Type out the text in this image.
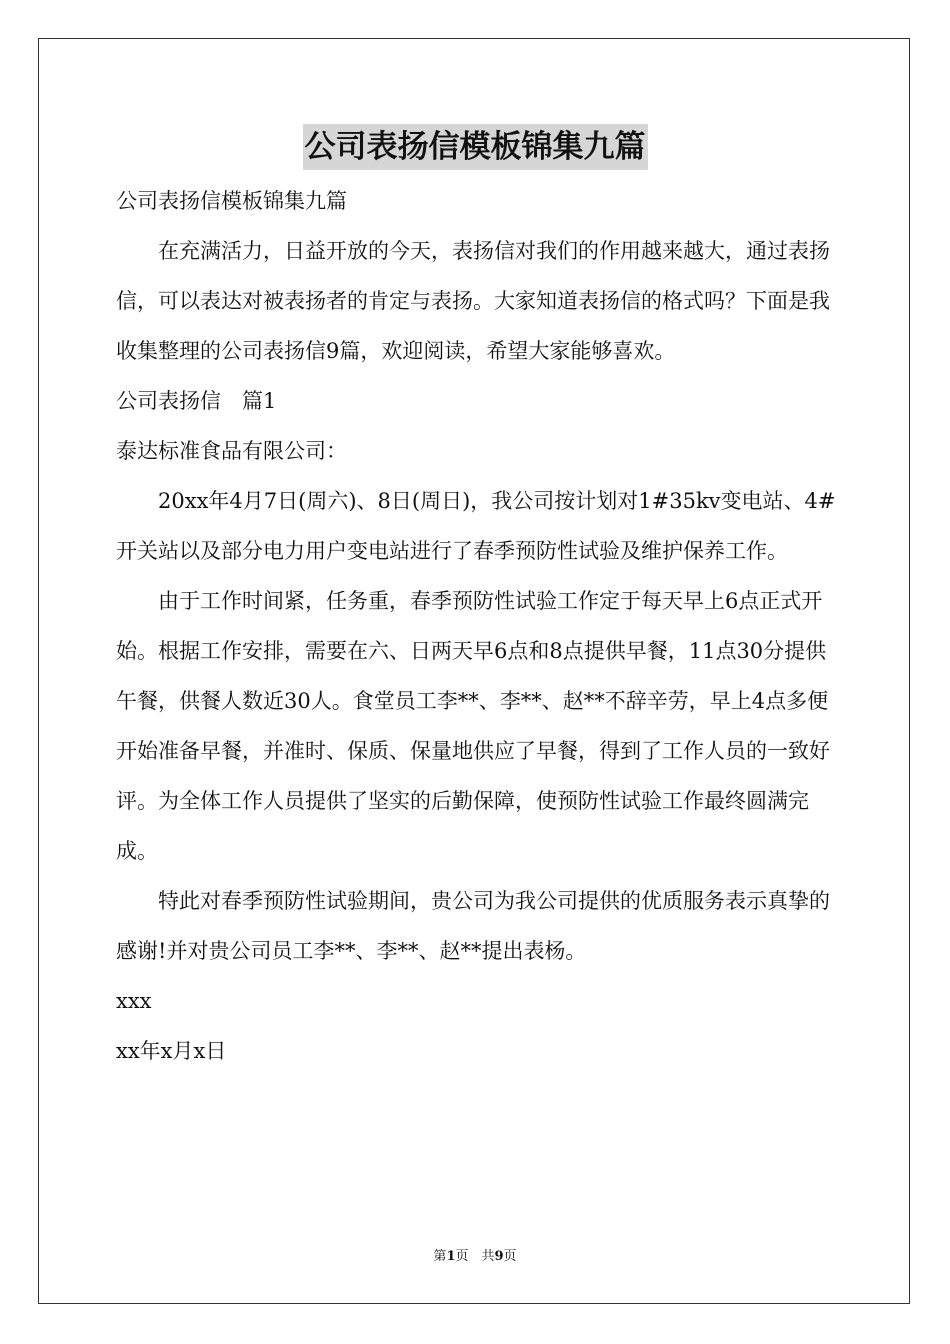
公司表扬信模板锦集九篇

公司表扬信模板锦集九篇

在充满活力，日益开放的今天，表扬信对我们的作用越来越大，通过表扬信，可以表达对被表扬者的肯定与表扬。大家知道表扬信的格式吗？下面是我收集整理的公司表扬信9篇，欢迎阅读，希望大家能够喜欢。

公司表扬信　篇1

泰达标准食品有限公司：

20xx年4月7日(周六)、8日(周日)，我公司按计划对1#35kv变电站、4#开关站以及部分电力用户变电站进行了春季预防性试验及维护保养工作。

由于工作时间紧，任务重，春季预防性试验工作定于每天早上6点正式开始。根据工作安排，需要在六、日两天早6点和8点提供早餐，11点30分提供午餐，供餐人数近30人。食堂员工李**、李**、赵**不辞辛劳，早上4点多便开始准备早餐，并准时、保质、保量地供应了早餐，得到了工作人员的一致好评。为全体工作人员提供了坚实的后勤保障，使预防性试验工作最终圆满完成。

特此对春季预防性试验期间，贵公司为我公司提供的优质服务表示真挚的感谢!并对贵公司员工李**、李**、赵**提出表杨。

xxx

xx年x月x日

第1页　共9页
